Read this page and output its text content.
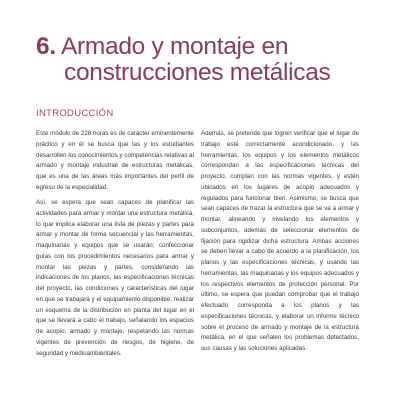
6. Armado y montaje en
construcciones metálicas
INTRODUCCIÓN

Este módulo de 228 horas es de carácter eminentemente práctico y en él se busca que las y los estudiantes desarrollen los conocimientos y competencias relativas al armado y montaje industrial de estructuras metálicas, que es una de las áreas más importantes del perfil de egreso de la especialidad.

Así, se espera que sean capaces de planificar las actividades para armar y montar una estructura metálica, lo que implica elaborar una lista de piezas y partes para armar y montar de forma secuencial y las herramientas, maquinarias y equipos que se usarán; confeccionar guías con los procedimientos necesarios para armar y montar las piezas y partes, considerando las indicaciones de los planos, las especificaciones técnicas del proyecto, las condiciones y características del lugar en que se trabajará y el equipamiento disponible; realizar un esquema de la distribución en planta del lugar en el que se llevará a cabo el trabajo, señalando los espacios de acopio, armado y montaje, respetando las normas vigentes de prevención de riesgos, de higiene, de seguridad y medioambientales.

Además, se pretende que logren verificar que el lugar de trabajo esté correctamente acondicionado, y las herramientas, los equipos y los elementos metálicos correspondan a las especificaciones técnicas del proyecto, cumplan con las normas vigentes, y estén ubicados en los lugares de acopio adecuados y regulados para funcionar bien. Asimismo, se busca que sean capaces de trazar la estructura que se va a armar y montar, alineando y nivelando los elementos y subconjuntos, además de seleccionar elementos de fijación para rigidizar dicha estructura. Ambas acciones se deben llevar a cabo de acuerdo a la planificación, los planos y las especificaciones técnicas, y usando las herramientas, las maquinarias y los equipos adecuados y los respectivos elementos de protección personal. Por último, se espera que puedan comprobar que el trabajo efectuado corresponda a los planos y las especificaciones técnicas, y elaborar un informe técnico sobre el proceso de armado y montaje de la estructura metálica, en el que señalen los problemas detectados, sus causas y las soluciones aplicadas.
